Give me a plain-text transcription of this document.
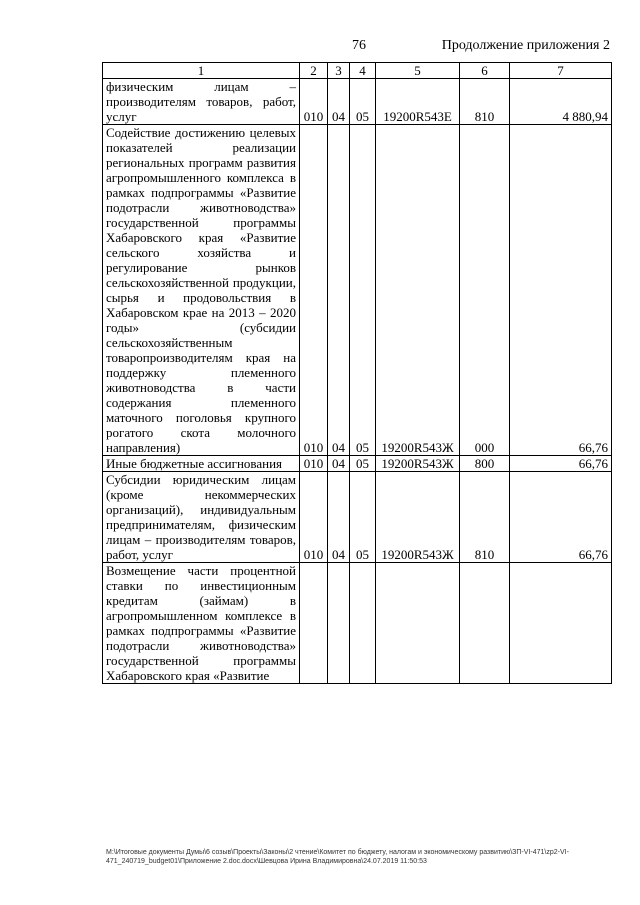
76	Продолжение приложения 2
1	2	3	4	5	6	7
физическим лицам – производителям товаров, работ, услуг	010	04	05	19200R543Е	810	4 880,94
Содействие достижению целевых показателей реализации региональных программ развития агропромышленного комплекса в рамках подпрограммы «Развитие подотрасли животноводства» государственной программы Хабаровского края «Развитие сельского хозяйства и регулирование рынков сельскохозяйственной продукции, сырья и продовольствия в Хабаровском крае на 2013 – 2020 годы» (субсидии сельскохозяйственным товаропроизводителям края на поддержку племенного животноводства в части содержания племенного маточного поголовья крупного рогатого скота молочного направления)	010	04	05	19200R543Ж	000	66,76
Иные бюджетные ассигнования	010	04	05	19200R543Ж	800	66,76
Субсидии юридическим лицам (кроме некоммерческих организаций), индивидуальным предпринимателям, физическим лицам – производителям товаров, работ, услуг	010	04	05	19200R543Ж	810	66,76
Возмещение части процентной ставки по инвестиционным кредитам (займам) в агропромышленном комплексе в рамках подпрограммы «Развитие подотрасли животноводства» государственной программы Хабаровского края «Развитие						
M:\Итоговые документы Думы\6 созыв\Проекты\Законы\2 чтение\Комитет по бюджету, налогам и экономическому развитию\ЗП-VI-471\zp2-VI-471_240719_budget01\Приложение 2.doc.docx\Шевцова Ирина Владимировна\24.07.2019 11:50:53
